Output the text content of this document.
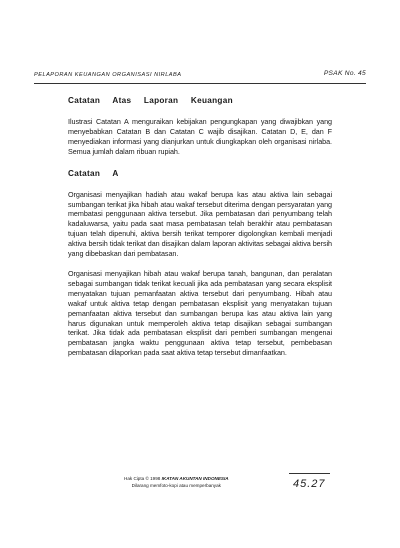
PELAPORAN KEUANGAN ORGANISASI NIRLABA	PSAK No. 45
Catatan Atas Laporan Keuangan

Ilustrasi Catatan A menguraikan kebijakan pengungkapan yang diwajibkan yang menyebabkan Catatan B dan Catatan C wajib disajikan. Catatan D, E, dan F menyediakan informasi yang dianjurkan untuk diungkapkan oleh organisasi nirlaba. Semua jumlah dalam ribuan rupiah.

Catatan A

Organisasi menyajikan hadiah atau wakaf berupa kas atau aktiva lain sebagai sumbangan terikat jika hibah atau wakaf tersebut diterima dengan persyaratan yang membatasi penggunaan aktiva tersebut. Jika pembatasan dari penyumbang telah kadaluwarsa, yaitu pada saat masa pembatasan telah berakhir atau pembatasan tujuan telah dipenuhi, aktiva bersih terikat temporer digolongkan kembali menjadi aktiva bersih tidak terikat dan disajikan dalam laporan aktivitas sebagai aktiva bersih yang dibebaskan dari pembatasan.

Organisasi menyajikan hibah atau wakaf berupa tanah, bangunan, dan peralatan sebagai sumbangan tidak terikat kecuali jika ada pembatasan yang secara eksplisit menyatakan tujuan pemanfaatan aktiva tersebut dari penyumbang. Hibah atau wakaf untuk aktiva tetap dengan pembatasan eksplisit yang menyatakan tujuan pemanfaatan aktiva tersebut dan sumbangan berupa kas atau aktiva lain yang harus digunakan untuk memperoleh aktiva tetap disajikan sebagai sumbangan terikat. Jika tidak ada pembatasan eksplisit dari pemberi sumbangan mengenai pembatasan jangka waktu penggunaan aktiva tetap tersebut, pembebasan pembatasan dilaporkan pada saat aktiva tetap tersebut dimanfaatkan.

Hak Cipta © 1998 IKATAN AKUNTAN INDONESIA
Dilarang memfoto-kopi atau memperbanyak	45.27
